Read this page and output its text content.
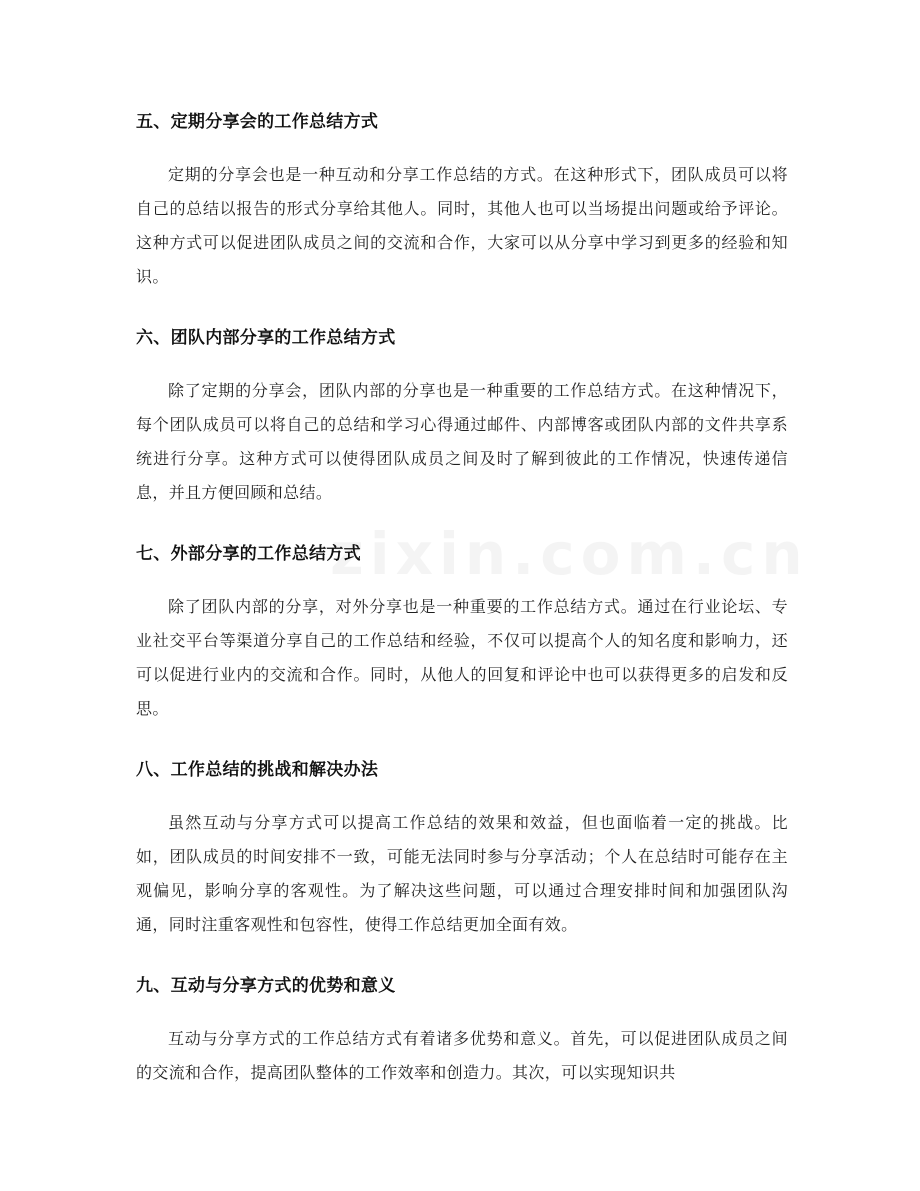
五、定期分享会的工作总结方式

定期的分享会也是一种互动和分享工作总结的方式。在这种形式下，团队成员可以将自己的总结以报告的形式分享给其他人。同时，其他人也可以当场提出问题或给予评论。这种方式可以促进团队成员之间的交流和合作，大家可以从分享中学习到更多的经验和知识。

六、团队内部分享的工作总结方式

除了定期的分享会，团队内部的分享也是一种重要的工作总结方式。在这种情况下，每个团队成员可以将自己的总结和学习心得通过邮件、内部博客或团队内部的文件共享系统进行分享。这种方式可以使得团队成员之间及时了解到彼此的工作情况，快速传递信息，并且方便回顾和总结。

七、外部分享的工作总结方式

除了团队内部的分享，对外分享也是一种重要的工作总结方式。通过在行业论坛、专业社交平台等渠道分享自己的工作总结和经验，不仅可以提高个人的知名度和影响力，还可以促进行业内的交流和合作。同时，从他人的回复和评论中也可以获得更多的启发和反思。

八、工作总结的挑战和解决办法

虽然互动与分享方式可以提高工作总结的效果和效益，但也面临着一定的挑战。比如，团队成员的时间安排不一致，可能无法同时参与分享活动；个人在总结时可能存在主观偏见，影响分享的客观性。为了解决这些问题，可以通过合理安排时间和加强团队沟通，同时注重客观性和包容性，使得工作总结更加全面有效。

九、互动与分享方式的优势和意义

互动与分享方式的工作总结方式有着诸多优势和意义。首先，可以促进团队成员之间的交流和合作，提高团队整体的工作效率和创造力。其次，可以实现知识共
